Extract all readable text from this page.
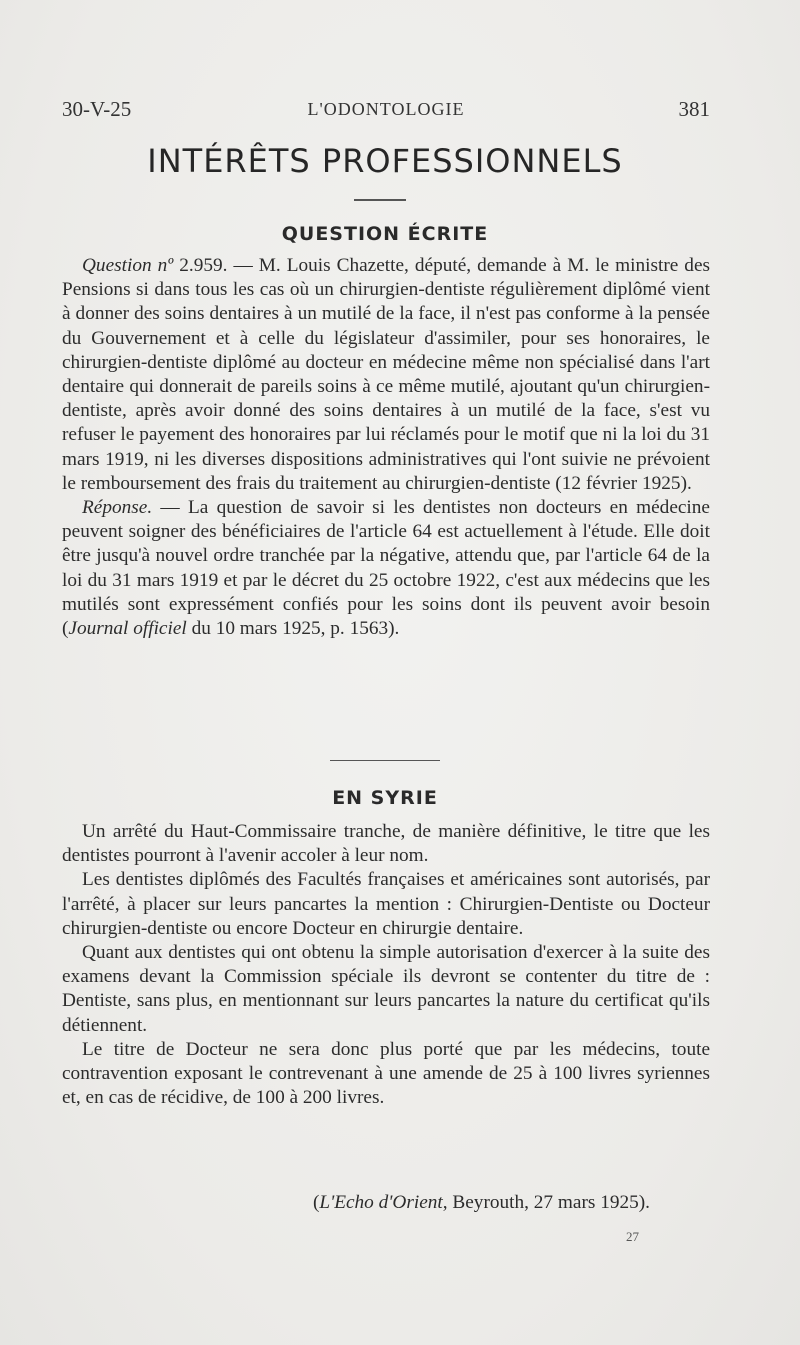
30-V-25	L'ODONTOLOGIE	381
INTÉRÊTS PROFESSIONNELS
QUESTION ÉCRITE

Question nº 2.959. — M. Louis Chazette, député, demande à M. le ministre des Pensions si dans tous les cas où un chirurgien-dentiste régulièrement diplômé vient à donner des soins dentaires à un mutilé de la face, il n'est pas conforme à la pensée du Gouvernement et à celle du législateur d'assimiler, pour ses honoraires, le chirurgien-dentiste diplômé au docteur en médecine même non spécialisé dans l'art dentaire qui donnerait de pareils soins à ce même mutilé, ajoutant qu'un chirurgien-dentiste, après avoir donné des soins dentaires à un mutilé de la face, s'est vu refuser le payement des honoraires par lui réclamés pour le motif que ni la loi du 31 mars 1919, ni les diverses dispositions administratives qui l'ont suivie ne prévoient le remboursement des frais du traitement au chirurgien-dentiste (12 février 1925).

Réponse. — La question de savoir si les dentistes non docteurs en médecine peuvent soigner des bénéficiaires de l'article 64 est actuellement à l'étude. Elle doit être jusqu'à nouvel ordre tranchée par la négative, attendu que, par l'article 64 de la loi du 31 mars 1919 et par le décret du 25 octobre 1922, c'est aux médecins que les mutilés sont expressément confiés pour les soins dont ils peuvent avoir besoin (Journal officiel du 10 mars 1925, p. 1563).

EN SYRIE

Un arrêté du Haut-Commissaire tranche, de manière définitive, le titre que les dentistes pourront à l'avenir accoler à leur nom.

Les dentistes diplômés des Facultés françaises et américaines sont autorisés, par l'arrêté, à placer sur leurs pancartes la mention : Chirurgien-Dentiste ou Docteur chirurgien-dentiste ou encore Docteur en chirurgie dentaire.

Quant aux dentistes qui ont obtenu la simple autorisation d'exercer à la suite des examens devant la Commission spéciale ils devront se contenter du titre de : Dentiste, sans plus, en mentionnant sur leurs pancartes la nature du certificat qu'ils détiennent.

Le titre de Docteur ne sera donc plus porté que par les médecins, toute contravention exposant le contrevenant à une amende de 25 à 100 livres syriennes et, en cas de récidive, de 100 à 200 livres.

(L'Echo d'Orient, Beyrouth, 27 mars 1925).
27
